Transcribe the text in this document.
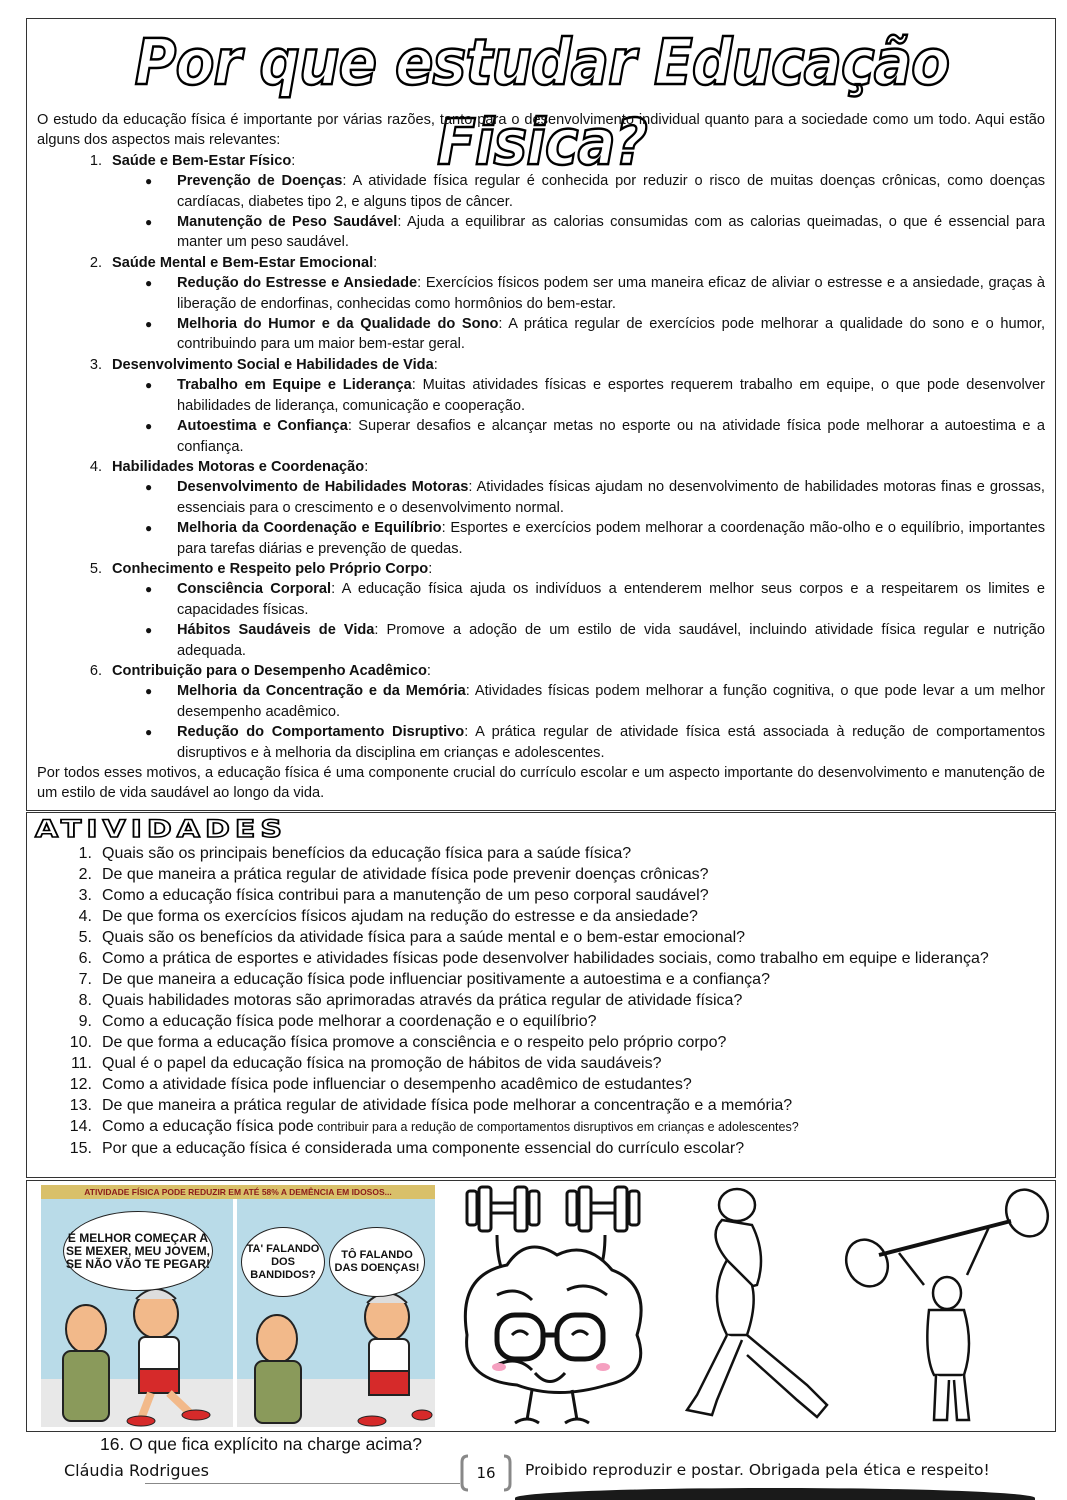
Por que estudar Educação Fisica?

O estudo da educação física é importante por várias razões, tanto para o desenvolvimento individual quanto para a sociedade como um todo. Aqui estão alguns dos aspectos mais relevantes:

1. Saúde e Bem-Estar Físico:
●	Prevenção de Doenças: A atividade física regular é conhecida por reduzir o risco de muitas doenças crônicas, como doenças cardíacas, diabetes tipo 2, e alguns tipos de câncer.
●	Manutenção de Peso Saudável: Ajuda a equilibrar as calorias consumidas com as calorias queimadas, o que é essencial para manter um peso saudável.
2. Saúde Mental e Bem-Estar Emocional:
●	Redução do Estresse e Ansiedade: Exercícios físicos podem ser uma maneira eficaz de aliviar o estresse e a ansiedade, graças à liberação de endorfinas, conhecidas como hormônios do bem-estar.
●	Melhoria do Humor e da Qualidade do Sono: A prática regular de exercícios pode melhorar a qualidade do sono e o humor, contribuindo para um maior bem-estar geral.
3. Desenvolvimento Social e Habilidades de Vida:
●	Trabalho em Equipe e Liderança: Muitas atividades físicas e esportes requerem trabalho em equipe, o que pode desenvolver habilidades de liderança, comunicação e cooperação.
●	Autoestima e Confiança: Superar desafios e alcançar metas no esporte ou na atividade física pode melhorar a autoestima e a confiança.
4. Habilidades Motoras e Coordenação:
●	Desenvolvimento de Habilidades Motoras: Atividades físicas ajudam no desenvolvimento de habilidades motoras finas e grossas, essenciais para o crescimento e o desenvolvimento normal.
●	Melhoria da Coordenação e Equilíbrio: Esportes e exercícios podem melhorar a coordenação mão-olho e o equilíbrio, importantes para tarefas diárias e prevenção de quedas.
5. Conhecimento e Respeito pelo Próprio Corpo:
●	Consciência Corporal: A educação física ajuda os indivíduos a entenderem melhor seus corpos e a respeitarem os limites e capacidades físicas.
●	Hábitos Saudáveis de Vida: Promove a adoção de um estilo de vida saudável, incluindo atividade física regular e nutrição adequada.
6. Contribuição para o Desempenho Acadêmico:
●	Melhoria da Concentração e da Memória: Atividades físicas podem melhorar a função cognitiva, o que pode levar a um melhor desempenho acadêmico.
●	Redução do Comportamento Disruptivo: A prática regular de atividade física está associada à redução de comportamentos disruptivos e à melhoria da disciplina em crianças e adolescentes.

Por todos esses motivos, a educação física é uma componente crucial do currículo escolar e um aspecto importante do desenvolvimento e manutenção de um estilo de vida saudável ao longo da vida.

ATIVIDADES
1. Quais são os principais benefícios da educação física para a saúde física?
2. De que maneira a prática regular de atividade física pode prevenir doenças crônicas?
3. Como a educação física contribui para a manutenção de um peso corporal saudável?
4. De que forma os exercícios físicos ajudam na redução do estresse e da ansiedade?
5. Quais são os benefícios da atividade física para a saúde mental e o bem-estar emocional?
6. Como a prática de esportes e atividades físicas pode desenvolver habilidades sociais, como trabalho em equipe e liderança?
7. De que maneira a educação física pode influenciar positivamente a autoestima e a confiança?
8. Quais habilidades motoras são aprimoradas através da prática regular de atividade física?
9. Como a educação física pode melhorar a coordenação e o equilíbrio?
10. De que forma a educação física promove a consciência e o respeito pelo próprio corpo?
11. Qual é o papel da educação física na promoção de hábitos de vida saudáveis?
12. Como a atividade física pode influenciar o desempenho acadêmico de estudantes?
13. De que maneira a prática regular de atividade física pode melhorar a concentração e a memória?
14. Como a educação física pode contribuir para a redução de comportamentos disruptivos em crianças e adolescentes?
15. Por que a educação física é considerada uma componente essencial do currículo escolar?
ATIVIDADE FÍSICA PODE REDUZIR EM ATÉ 58% A DEMÊNCIA EM IDOSOS...
É MELHOR COMEÇAR A SE MEXER, MEU JOVEM, SE NÃO VÃO TE PEGAR!
TA' FALANDO DOS BANDIDOS?
TÔ FALANDO DAS DOENÇAS!
16. O que fica explícito na charge acima?
Cláudia Rodrigues	16	Proibido reproduzir e postar. Obrigada pela ética e respeito!
